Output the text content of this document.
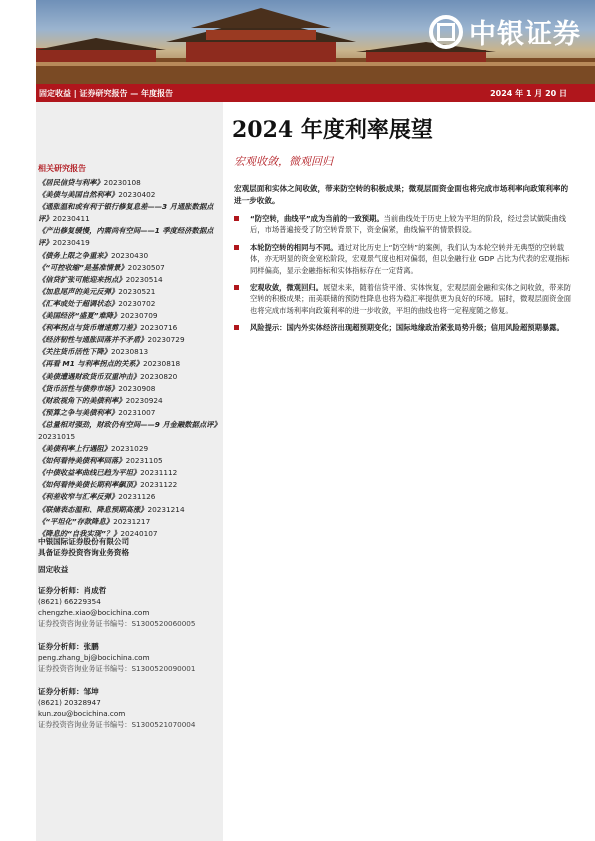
中银证券
固定收益 | 证券研究报告 — 年度报告	2024 年 1 月 20 日
相关研究报告
《居民信贷与利率》20230108
《美债与美国自然利率》20230402
《通胀温和或有利于银行修复息差——3 月通胀数据点评》20230411
《产出修复缓慢，内需尚有空间——1 季度经济数据点评》20230419
《债务上限之争重来》20230430
《“可控收缩”是基准情景》20230507
《信贷扩张可能迎来拐点》20230514
《加息尾声的美元反弹》20230521
《汇率或处于超调状态》20230702
《美国经济“盛夏”难降》20230709
《利率拐点与货币增速剪刀差》20230716
《经济韧性与通胀回落并不矛盾》20230729
《关注货币活性下降》20230813
《再看 M1 与利率拐点的关系》20230818
《美债遭遇财政货币双重冲击》20230820
《货币活性与债券市场》20230908
《财政视角下的美债利率》20230924
《预算之争与美债利率》20231007
《总量相对强劲，财政仍有空间——9 月金融数据点评》20231015
《美债利率上行遇阻》20231029
《如何看待美债利率回落》20231105
《中债收益率曲线已趋为平坦》20231112
《如何看待美债长期利率飙顶》20231122
《利差收窄与汇率反弹》20231126
《联储表态温和、降息预期高涨》20231214
《“平坦化”存款降息》20231217
《降息的“自我实现”？》20240107
中银国际证券股份有限公司
具备证券投资咨询业务资格
固定收益
证券分析师：肖成哲
(8621) 66229354
chengzhe.xiao@bocichina.com
证券投资咨询业务证书编号：S1300520060005
证券分析师：张鹏
peng.zhang_bj@bocichina.com
证券投资咨询业务证书编号：S1300520090001
证券分析师：邹坤
(8621) 20328947
kun.zou@bocichina.com
证券投资咨询业务证书编号：S1300521070004
2024 年度利率展望
宏观收敛，微观回归
宏观层面和实体之间收敛，带来防空转的积极成果；微观层面资金面也将完成市场利率向政策利率的进一步收敛。
“防空转，曲线平”成为当前的一致预期。当前曲线处于历史上较为平坦的阶段，经过尝试做陡曲线后，市场普遍接受了防空转背景下，资金偏紧，曲线偏平的情景假设。
本轮防空转的相同与不同。通过对比历史上“防空转”的案例，我们认为本轮空转并无典型的空转载体，亦无明显的资金宽松阶段，宏观景气度也相对偏弱，但以金融行业 GDP 占比为代表的宏观指标同样偏高，显示金融指标和实体指标存在一定背离。
宏观收敛，微观回归。展望未来，随着信贷平滑、实体恢复，宏观层面金融和实体之间收敛，带来防空转的积极成果；而美联储的预防性降息也将为稳汇率提供更为良好的环境。届时，微观层面资金面也将完成市场利率向政策利率的进一步收敛，平坦的曲线也将一定程度随之修复。
风险提示：国内外实体经济出现超预期变化；国际地缘政治紧张局势升级；信用风险超预期暴露。
